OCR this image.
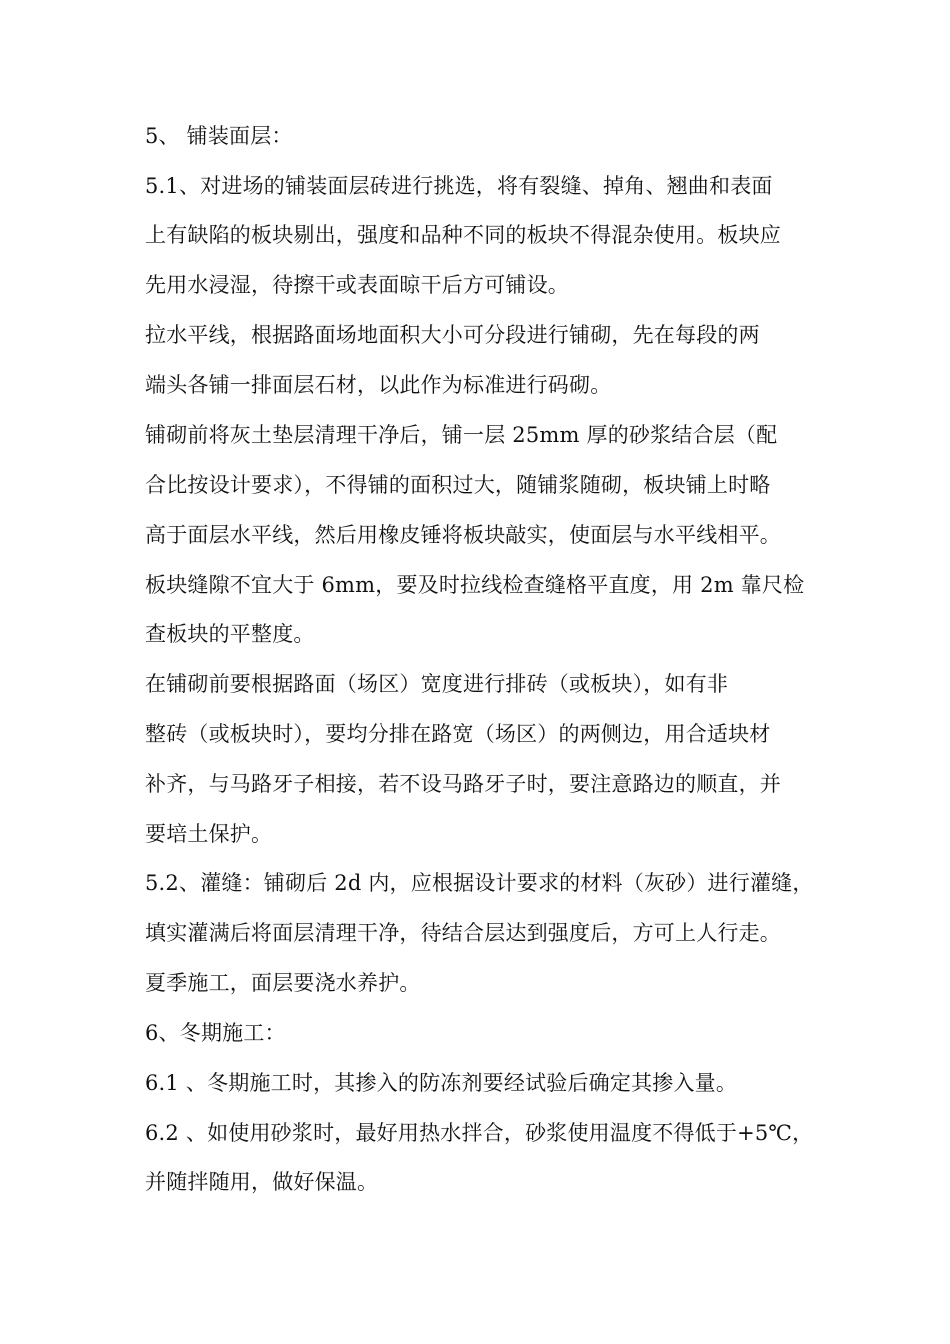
5、 铺装面层：
5.1、对进场的铺装面层砖进行挑选，将有裂缝、掉角、翘曲和表面
上有缺陷的板块剔出，强度和品种不同的板块不得混杂使用。板块应
先用水浸湿，待擦干或表面晾干后方可铺设。
拉水平线，根据路面场地面积大小可分段进行铺砌，先在每段的两
端头各铺一排面层石材，以此作为标准进行码砌。
铺砌前将灰土垫层清理干净后，铺一层 25mm 厚的砂浆结合层（配
合比按设计要求），不得铺的面积过大，随铺浆随砌，板块铺上时略
高于面层水平线，然后用橡皮锤将板块敲实，使面层与水平线相平。
板块缝隙不宜大于 6mm，要及时拉线检查缝格平直度，用 2m 靠尺检
查板块的平整度。
在铺砌前要根据路面（场区）宽度进行排砖（或板块），如有非
整砖（或板块时），要均分排在路宽（场区）的两侧边，用合适块材
补齐，与马路牙子相接，若不设马路牙子时，要注意路边的顺直，并
要培土保护。
5.2、灌缝：铺砌后 2d 内，应根据设计要求的材料（灰砂）进行灌缝，
填实灌满后将面层清理干净，待结合层达到强度后，方可上人行走。
夏季施工，面层要浇水养护。
6、冬期施工：
6.1 、冬期施工时，其掺入的防冻剂要经试验后确定其掺入量。
6.2 、如使用砂浆时，最好用热水拌合，砂浆使用温度不得低于+5℃，
并随拌随用，做好保温。
